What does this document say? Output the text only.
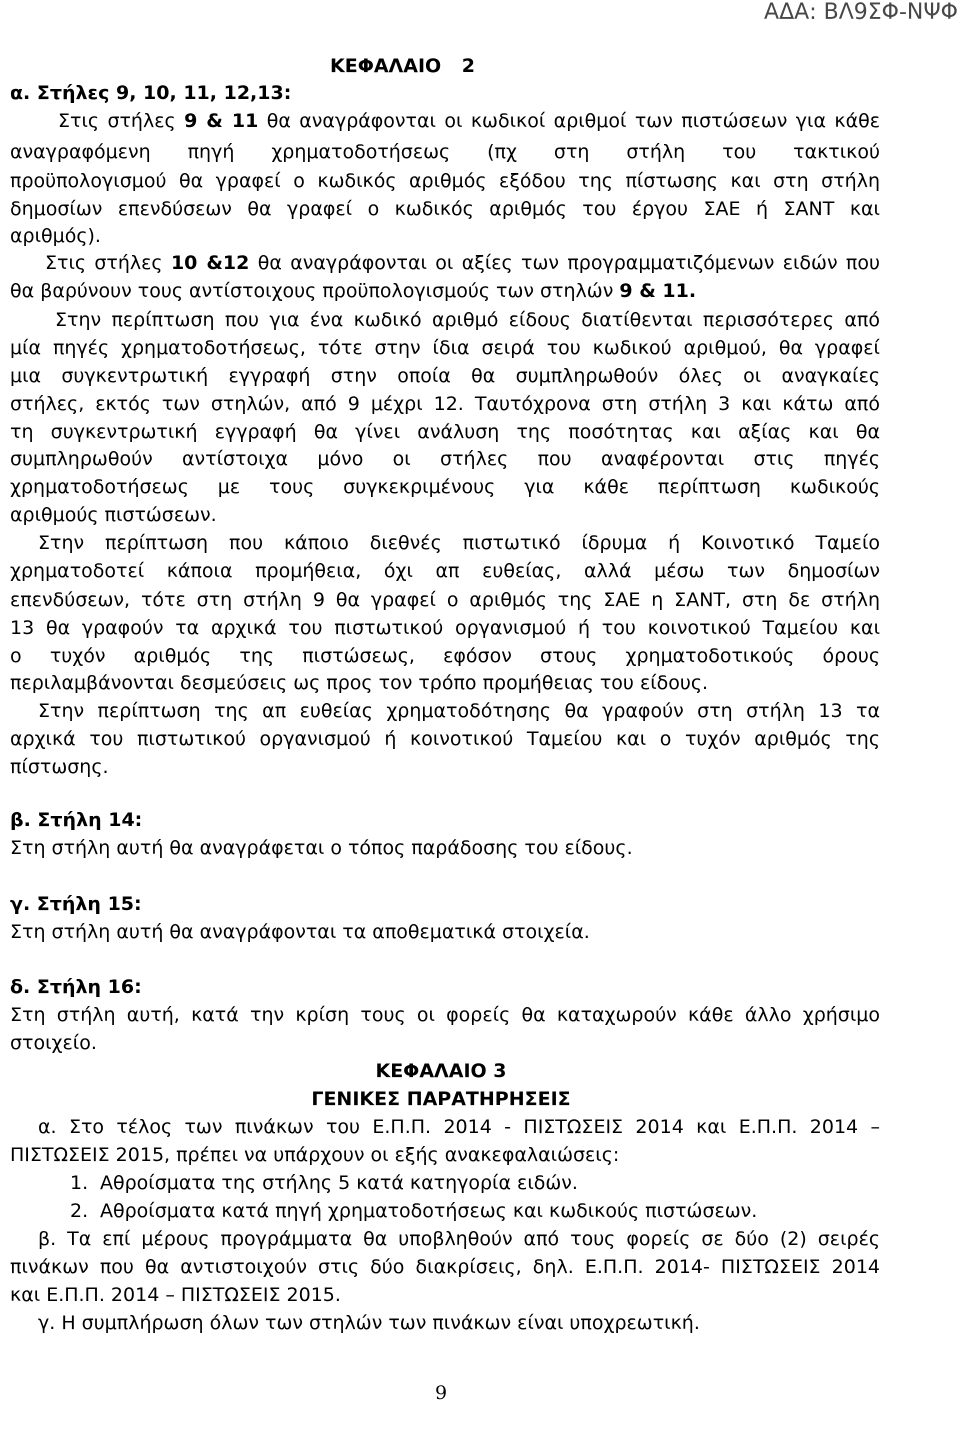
ΑΔΑ: ΒΛ9ΣΦ-ΝΨΦ
ΚΕΦΑΛΑΙΟ 2
α. Στήλες 9, 10, 11, 12,13:
Στις στήλες 9 & 11 θα αναγράφονται οι κωδικοί αριθμοί των πιστώσεων για κάθε
αναγραφόμενη πηγή χρηματοδοτήσεως (πχ στη στήλη του τακτικού
προϋπολογισμού θα γραφεί ο κωδικός αριθμός εξόδου της πίστωσης και στη στήλη
δημοσίων επενδύσεων θα γραφεί ο κωδικός αριθμός του έργου ΣΑΕ ή ΣΑΝΤ και
αριθμός).
Στις στήλες 10 &12 θα αναγράφονται οι αξίες των προγραμματιζόμενων ειδών που
θα βαρύνουν τους αντίστοιχους προϋπολογισμούς των στηλών 9 & 11.
Στην περίπτωση που για ένα κωδικό αριθμό είδους διατίθενται περισσότερες από
μία πηγές χρηματοδοτήσεως, τότε στην ίδια σειρά του κωδικού αριθμού, θα γραφεί
μια συγκεντρωτική εγγραφή στην οποία θα συμπληρωθούν όλες οι αναγκαίες
στήλες, εκτός των στηλών, από 9 μέχρι 12. Ταυτόχρονα στη στήλη 3 και κάτω από
τη συγκεντρωτική εγγραφή θα γίνει ανάλυση της ποσότητας και αξίας και θα
συμπληρωθούν αντίστοιχα μόνο οι στήλες που αναφέρονται στις πηγές
χρηματοδοτήσεως με τους συγκεκριμένους για κάθε περίπτωση κωδικούς
αριθμούς πιστώσεων.
Στην περίπτωση που κάποιο διεθνές πιστωτικό ίδρυμα ή Κοινοτικό Ταμείο
χρηματοδοτεί κάποια προμήθεια, όχι απ ευθείας, αλλά μέσω των δημοσίων
επενδύσεων, τότε στη στήλη 9 θα γραφεί ο αριθμός της ΣΑΕ η ΣΑΝΤ, στη δε στήλη
13 θα γραφούν τα αρχικά του πιστωτικού οργανισμού ή του κοινοτικού Ταμείου και
ο τυχόν αριθμός της πιστώσεως, εφόσον στους χρηματοδοτικούς όρους
περιλαμβάνονται δεσμεύσεις ως προς τον τρόπο προμήθειας του είδους.
Στην περίπτωση της απ ευθείας χρηματοδότησης θα γραφούν στη στήλη 13 τα
αρχικά του πιστωτικού οργανισμού ή κοινοτικού Ταμείου και ο τυχόν αριθμός της
πίστωσης.
β. Στήλη 14:
Στη στήλη αυτή θα αναγράφεται ο τόπος παράδοσης του είδους.
γ. Στήλη 15:
Στη στήλη αυτή θα αναγράφονται τα αποθεματικά στοιχεία.
δ. Στήλη 16:
Στη στήλη αυτή, κατά την κρίση τους οι φορείς θα καταχωρούν κάθε άλλο χρήσιμο
στοιχείο.
ΚΕΦΑΛΑΙΟ 3
ΓΕΝΙΚΕΣ ΠΑΡΑΤΗΡΗΣΕΙΣ
α. Στο τέλος των πινάκων του Ε.Π.Π. 2014 - ΠΙΣΤΩΣΕΙΣ 2014 και Ε.Π.Π. 2014 –
ΠΙΣΤΩΣΕΙΣ 2015, πρέπει να υπάρχουν οι εξής ανακεφαλαιώσεις:
1. Αθροίσματα της στήλης 5 κατά κατηγορία ειδών.
2. Αθροίσματα κατά πηγή χρηματοδοτήσεως και κωδικούς πιστώσεων.
β. Τα επί μέρους προγράμματα θα υποβληθούν από τους φορείς σε δύο (2) σειρές
πινάκων που θα αντιστοιχούν στις δύο διακρίσεις, δηλ. Ε.Π.Π. 2014- ΠΙΣΤΩΣΕΙΣ 2014
και Ε.Π.Π. 2014 – ΠΙΣΤΩΣΕΙΣ 2015.
γ. Η συμπλήρωση όλων των στηλών των πινάκων είναι υποχρεωτική.
9
